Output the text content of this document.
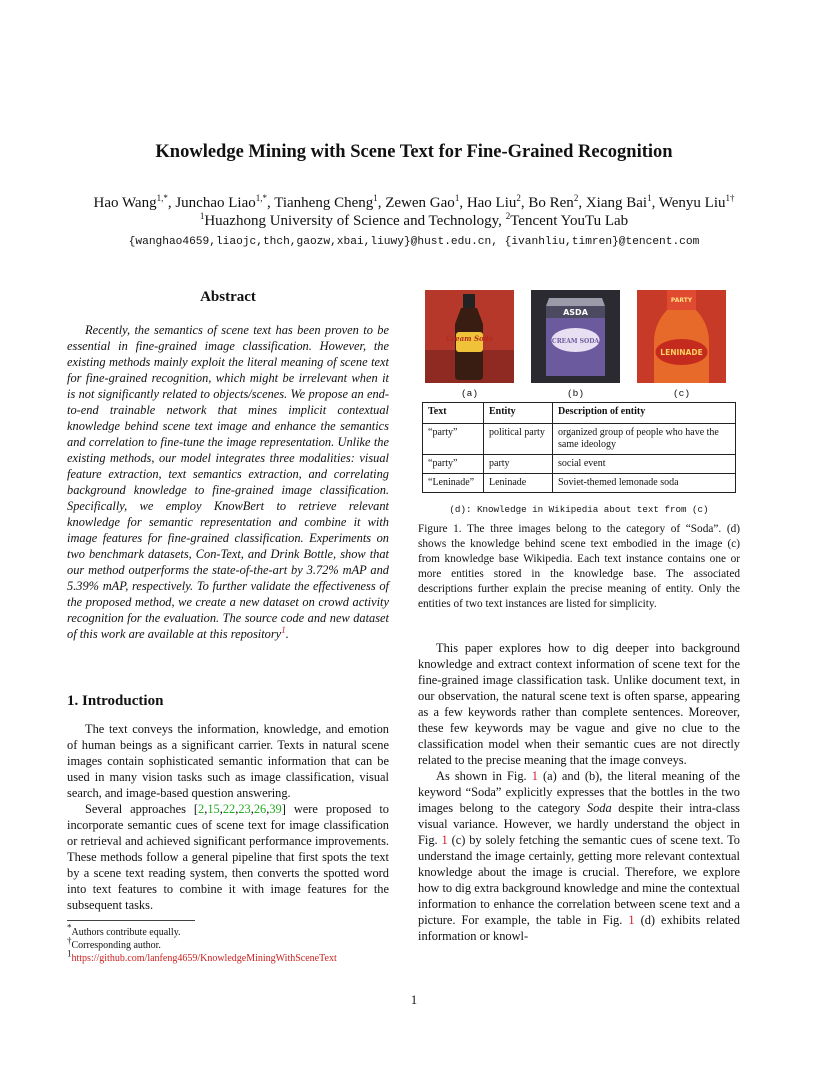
Knowledge Mining with Scene Text for Fine-Grained Recognition
Hao Wang$^{1,*}$, Junchao Liao$^{1,*}$, Tianheng Cheng$^1$, Zewen Gao$^1$, Hao Liu$^2$, Bo Ren$^2$, Xiang Bai$^1$, Wenyu Liu$^{1\dagger}$
$^1$Huazhong University of Science and Technology, $^2$Tencent YouTu Lab
{wanghao4659,liaojc,thch,gaozw,xbai,liuwy}@hust.edu.cn, {ivanhliu,timren}@tencent.com
Abstract

Recently, the semantics of scene text has been proven to be essential in fine-grained image classification. However, the existing methods mainly exploit the literal meaning of scene text for fine-grained recognition, which might be irrelevant when it is not significantly related to objects/scenes. We propose an end-to-end trainable network that mines implicit contextual knowledge behind scene text image and enhance the semantics and correlation to fine-tune the image representation. Unlike the existing methods, our model integrates three modalities: visual feature extraction, text semantics extraction, and correlating background knowledge to fine-grained image classification. Specifically, we employ KnowBert to retrieve relevant knowledge for semantic representation and combine it with image features for fine-grained classification. Experiments on two benchmark datasets, Con-Text, and Drink Bottle, show that our method outperforms the state-of-the-art by 3.72% mAP and 5.39% mAP, respectively. To further validate the effectiveness of the proposed method, we create a new dataset on crowd activity recognition for the evaluation. The source code and new dataset of this work are available at this repository$^1$.

1. Introduction

The text conveys the information, knowledge, and emotion of human beings as a significant carrier. Texts in natural scene images contain sophisticated semantic information that can be used in many vision tasks such as image classification, visual search, and image-based question answering.

Several approaches [2,15,22,23,26,39] were proposed to incorporate semantic cues of scene text for image classification or retrieval and achieved significant performance improvements. These methods follow a general pipeline that first spots the text by a scene text reading system, then converts the spotted word into text features to combine it with image features for the subsequent tasks.

*Authors contribute equally.
†Corresponding author.
$^1$https://github.com/lanfeng4659/KnowledgeMiningWithSceneText
Cream Soda
ASDA
CREAM SODA
PARTY
LENINADE
(a)	(b)	(c)
Text	Entity	Description of entity
“party”	political party	organized group of people who have the same ideology
“party”	party	social event
“Leninade”	Leninade	Soviet-themed lemonade soda
(d): Knowledge in Wikipedia about text from (c)

Figure 1. The three images belong to the category of “Soda”. (d) shows the knowledge behind scene text embodied in the image (c) from knowledge base Wikipedia. Each text instance contains one or more entities stored in the knowledge base. The associated descriptions further explain the precise meaning of entity. Only the entities of two text instances are listed for simplicity.

This paper explores how to dig deeper into background knowledge and extract context information of scene text for the fine-grained image classification task. Unlike document text, in our observation, the natural scene text is often sparse, appearing as a few keywords rather than complete sentences. Moreover, these few keywords may be vague and give no clue to the classification model when their semantic cues are not directly related to the precise meaning that the image conveys.

As shown in Fig. 1 (a) and (b), the literal meaning of the keyword “Soda” explicitly expresses that the bottles in the two images belong to the category Soda despite their intra-class visual variance. However, we hardly understand the object in Fig. 1 (c) by solely fetching the semantic cues of scene text. To understand the image certainly, getting more relevant contextual knowledge about the image is crucial. Therefore, we explore how to dig extra background knowledge and mine the contextual information to enhance the correlation between scene text and a picture. For example, the table in Fig. 1 (d) exhibits related information or knowl-

1
